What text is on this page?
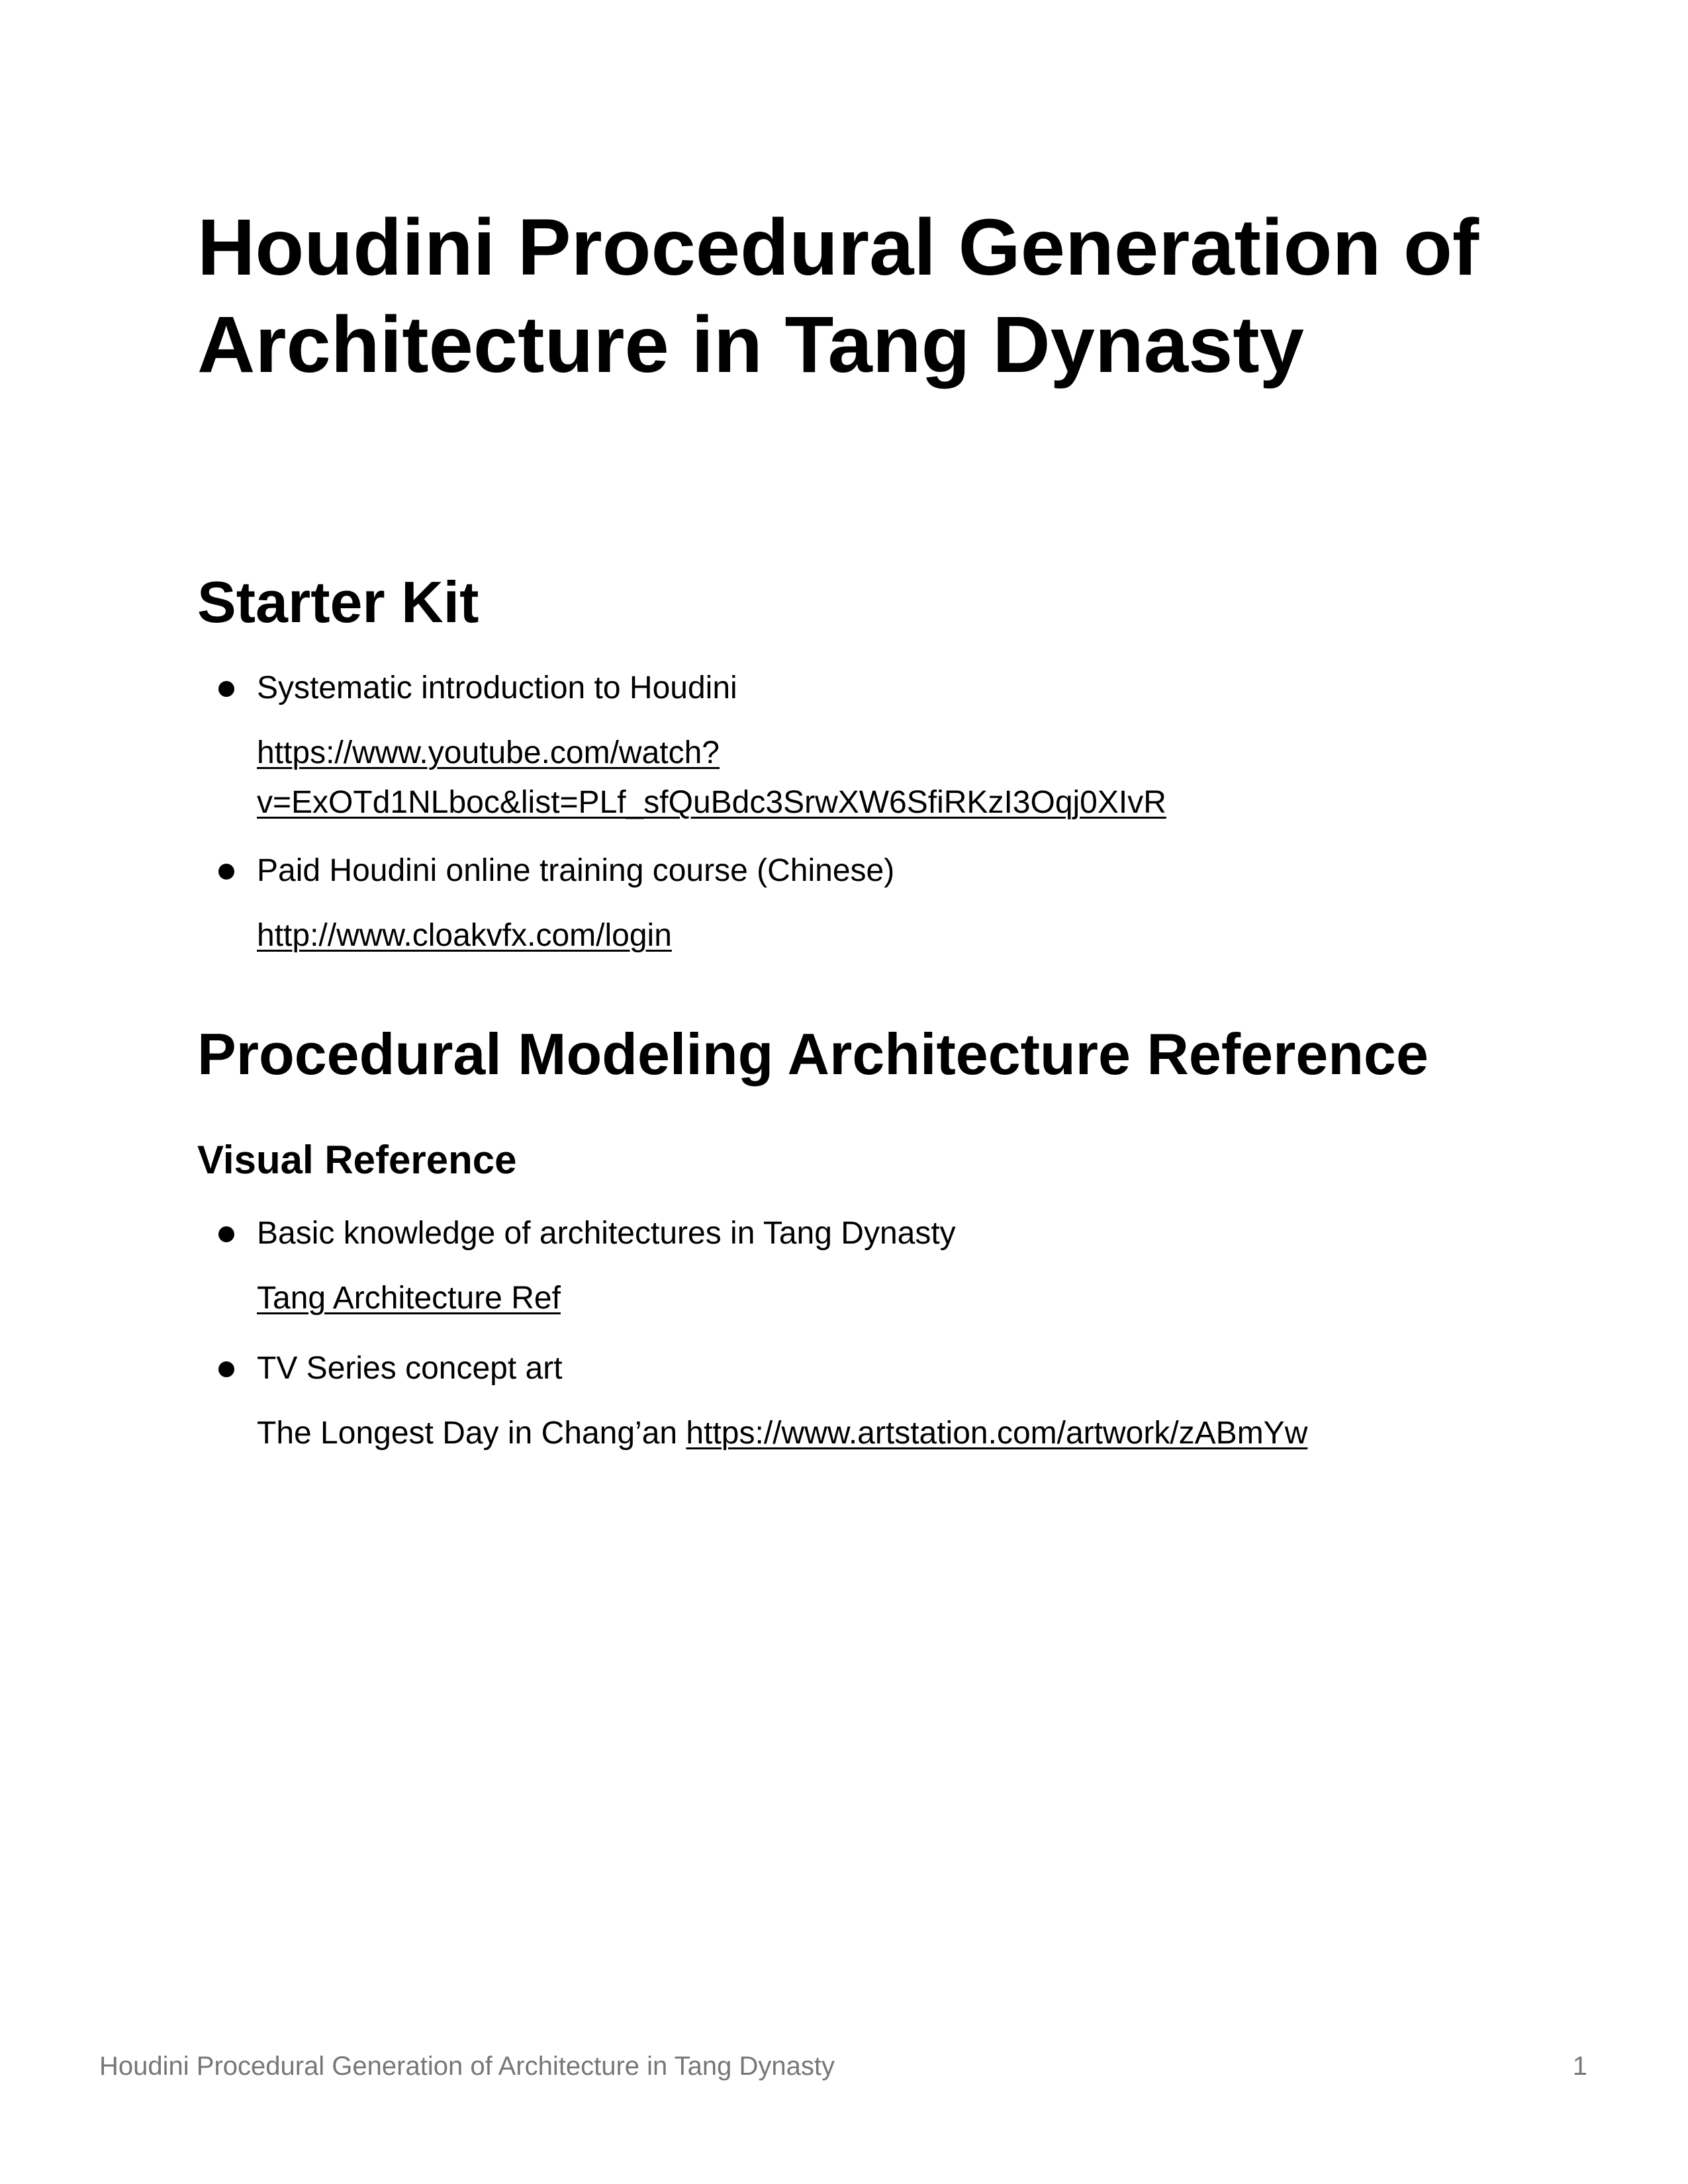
Houdini Procedural Generation of Architecture in Tang Dynasty
Starter Kit

Systematic introduction to Houdini

https://www.youtube.com/watch?

v=ExOTd1NLboc&list=PLf_sfQuBdc3SrwXW6SfiRKzI3Oqj0XIvR

Paid Houdini online training course (Chinese)

http://www.cloakvfx.com/login

Procedural Modeling Architecture Reference
Visual Reference

Basic knowledge of architectures in Tang Dynasty

Tang Architecture Ref

TV Series concept art

The Longest Day in Chang’an https://www.artstation.com/artwork/zABmYw

Houdini Procedural Generation of Architecture in Tang Dynasty	1
